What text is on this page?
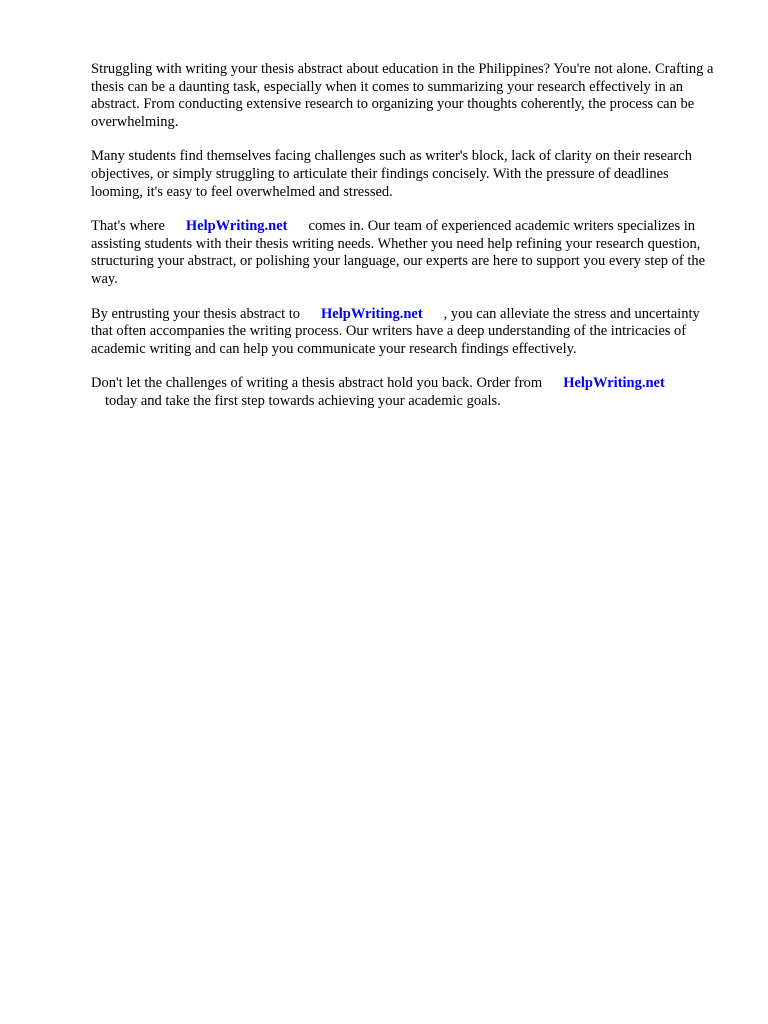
Struggling with writing your thesis abstract about education in the Philippines? You're not alone. Crafting a thesis can be a daunting task, especially when it comes to summarizing your research effectively in an abstract. From conducting extensive research to organizing your thoughts coherently, the process can be overwhelming.

Many students find themselves facing challenges such as writer's block, lack of clarity on their research objectives, or simply struggling to articulate their findings concisely. With the pressure of deadlines looming, it's easy to feel overwhelmed and stressed.

That's where HelpWriting.net comes in. Our team of experienced academic writers specializes in assisting students with their thesis writing needs. Whether you need help refining your research question, structuring your abstract, or polishing your language, our experts are here to support you every step of the way.

By entrusting your thesis abstract to HelpWriting.net , you can alleviate the stress and uncertainty that often accompanies the writing process. Our writers have a deep understanding of the intricacies of academic writing and can help you communicate your research findings effectively.

Don't let the challenges of writing a thesis abstract hold you back. Order from HelpWriting.net
today and take the first step towards achieving your academic goals.
